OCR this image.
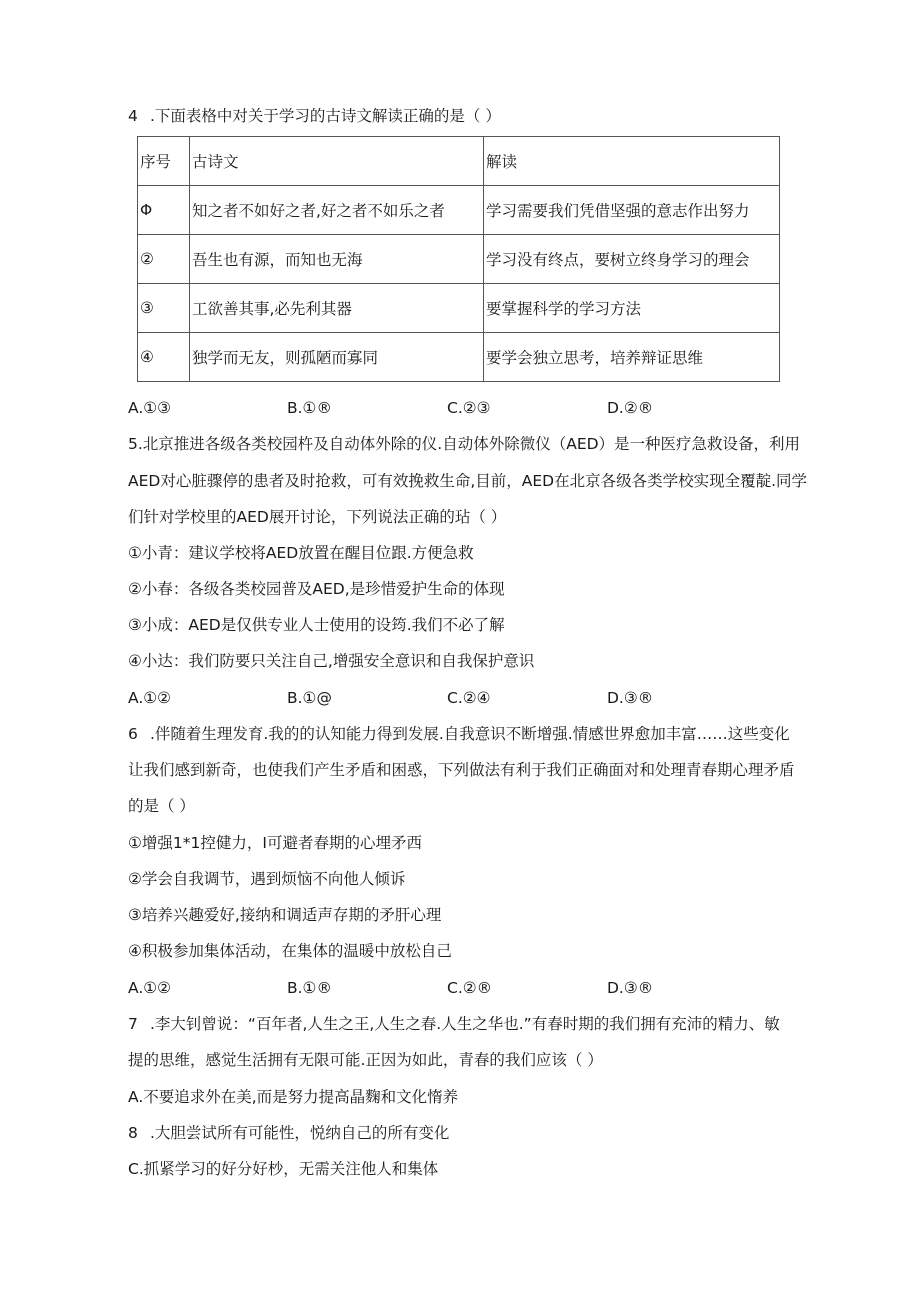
4 .下面表格中对关于学习的古诗文解读正确的是（ ）
序号	古诗文	解读
Φ	知之者不如好之者,好之者不如乐之者	学习需要我们凭借坚强的意志作出努力
②	吾生也有源，而知也无海	学习没有终点，要树立终身学习的理会
③	工欲善其事,必先利其器	要掌握科学的学习方法
④	独学而无友，则孤陋而寡同	要学会独立思考，培养辩证思维
A.①③	B.①®	C.②③	D.②®
5.北京推进各级各类校园杵及自动体外除的仪.自动体外除微仪（AED）是一种医疗急救设备，利用
AED对心脏骤停的患者及时抢救，可有效挽救生命,目前，AED在北京各级各类学校实现全覆靛.同学
们针对学校里的AED展开讨论，下列说法正确的玷（ ）
①小青：建议学校将AED放置在醒目位跟.方便急救
②小春：各级各类校园普及AED,是珍惜爱护生命的体现
③小成：AED是仅供专业人士使用的设筠.我们不必了解
④小达：我们防要只关注自己,增强安全意识和自我保护意识
A.①②	B.①@	C.②④	D.③®
6 .伴随着生理发育.我的的认知能力得到发展.自我意识不断增强.情感世界愈加丰富……这些变化
让我们感到新奇，也使我们产生矛盾和困惑，下列做法有利于我们正确面对和处理青春期心理矛盾
的是（ ）
①增强1*1控健力，I可避者春期的心埋矛西
②学会自我调节，遇到烦恼不向他人倾诉
③培养兴趣爱好,接纳和调适声存期的矛肝心理
④积极参加集体活动，在集体的温暖中放松自己
A.①②	B.①®	C.②®	D.③®
7 .李大钊曾说：“百年者,人生之王,人生之春.人生之华也.”有春时期的我们拥有充沛的精力、敏
提的思维，感觉生活拥有无限可能.正因为如此，青春的我们应该（ ）
A.不要追求外在美,而是努力提高晶麴和文化惰养
8 .大胆尝试所有可能性，悦纳自己的所有变化
C.抓紧学习的好分好杪，无需关注他人和集体
